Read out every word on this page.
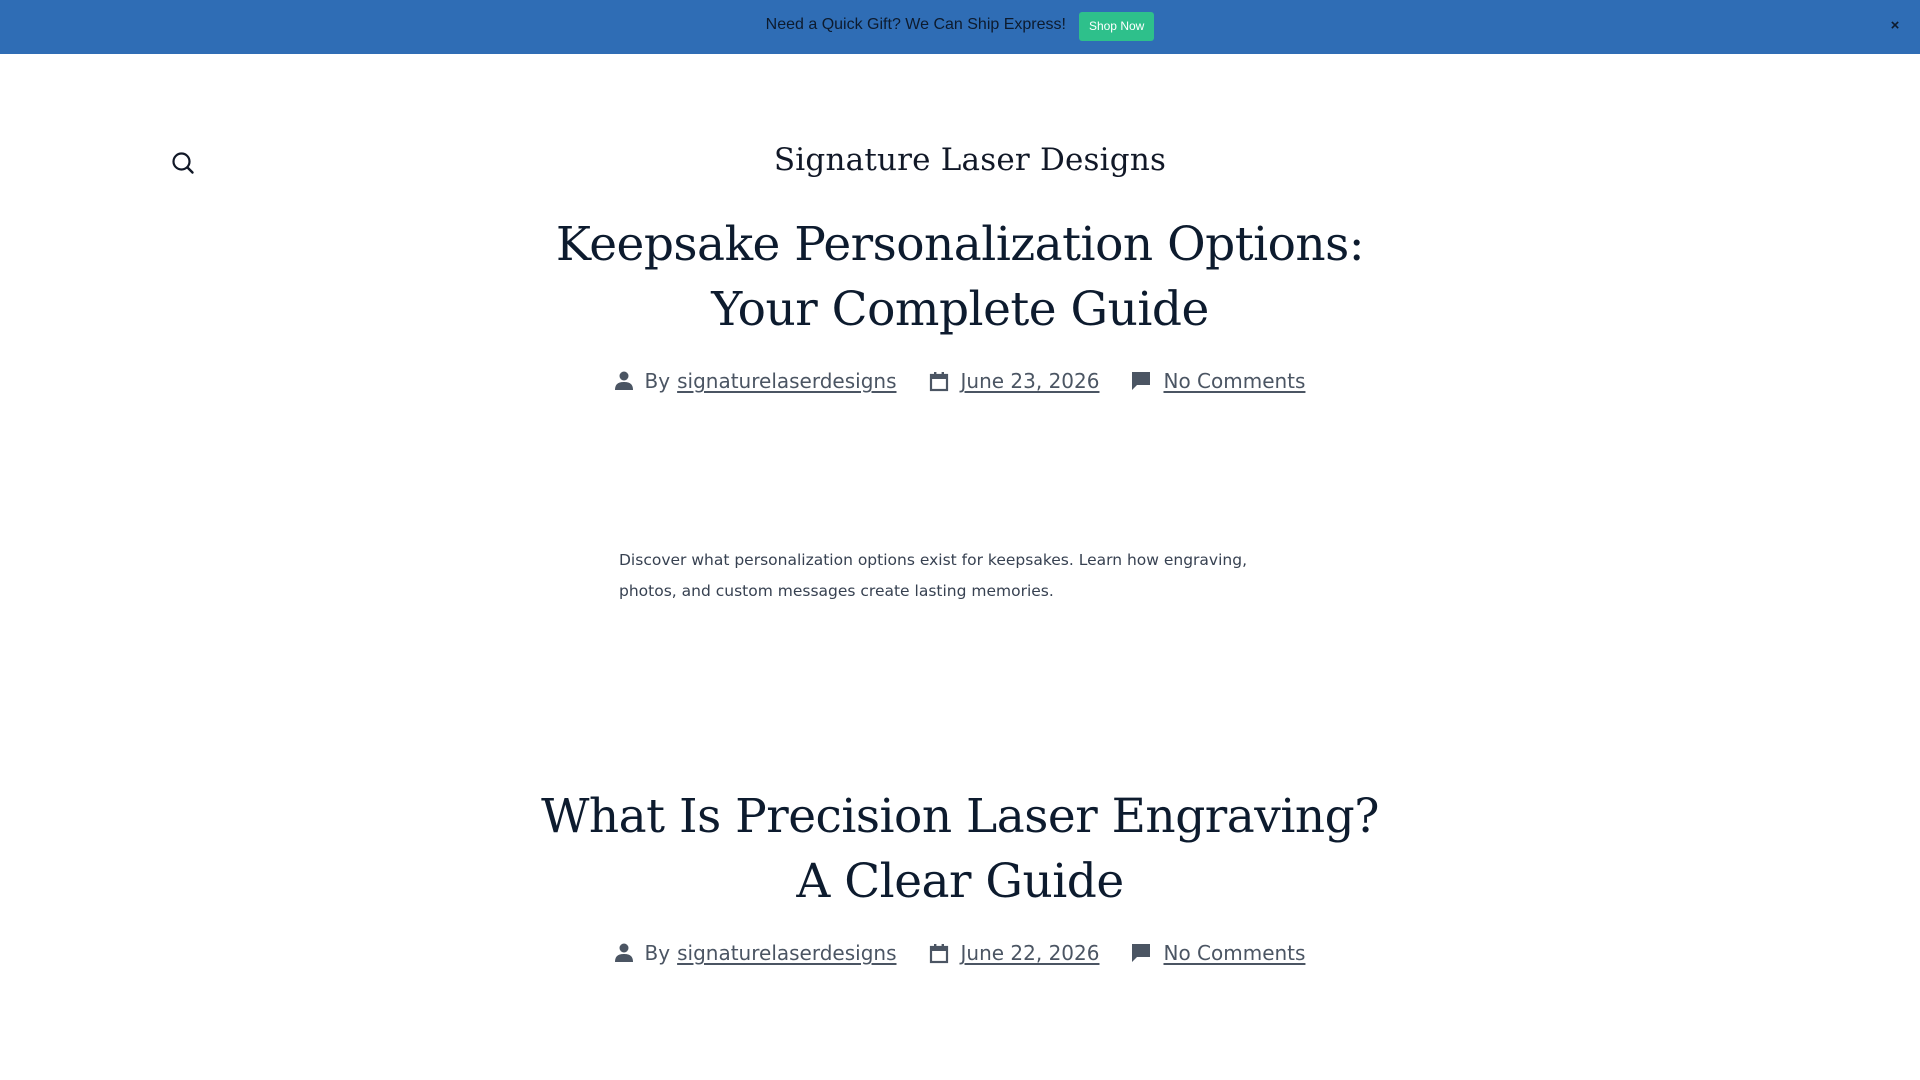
Need a Quick Gift? We Can Ship Express!	Shop Now	×
Signature Laser Designs
Keepsake Personalization Options:
Your Complete Guide
By signaturelaserdesigns	June 23, 2026	No Comments

Discover what personalization options exist for keepsakes. Learn how engraving, photos, and custom messages create lasting memories.

What Is Precision Laser Engraving?
A Clear Guide
By signaturelaserdesigns	June 22, 2026	No Comments
